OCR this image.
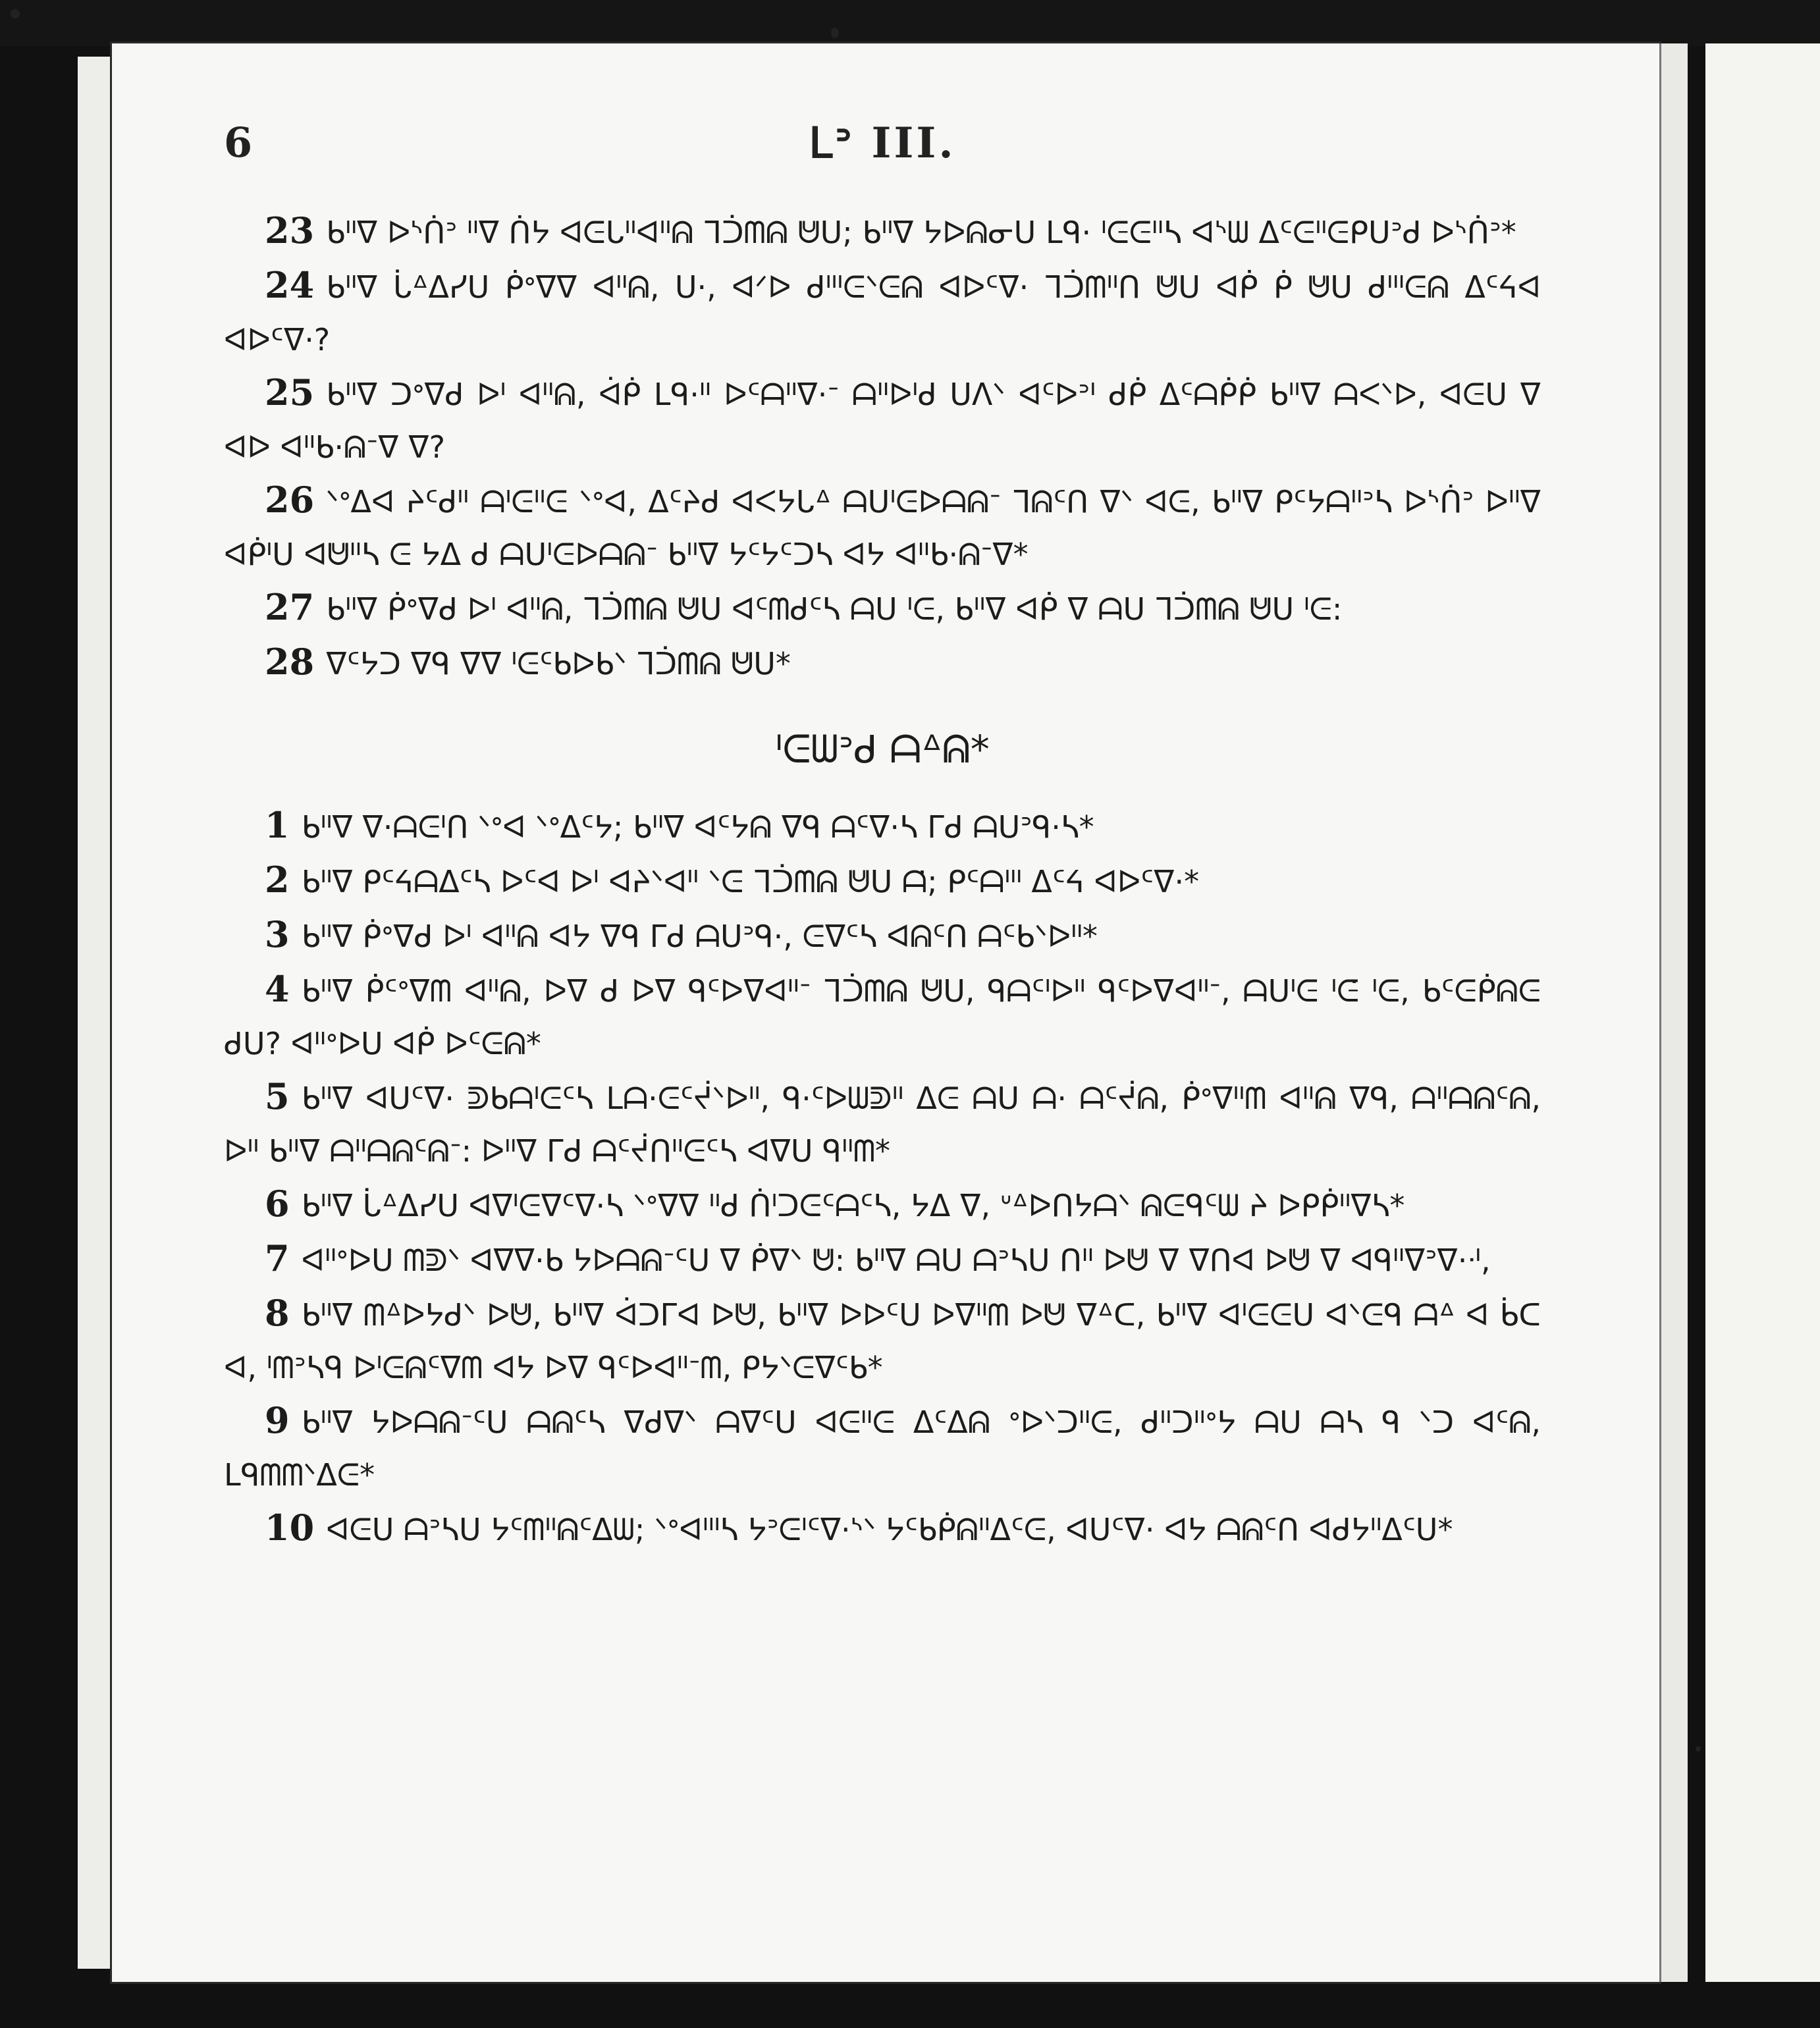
6	ᒪᐣ III.

23 ᑲᐦᐁ ᐅᔅᑏᐣ ᐦᐁ ᑏᔭ ᐊᕮᒐᐦᐊᐦᕱ ᒣᑑᗰᕱ ᕰᑌ; ᑲᐦᐁ ᔭᐅᕱᓂᑌ ᒪᑫ· ᑊᕮᕮᐦᓴ ᐊᔅᗯ ᐃᑦᕮᐦᕮᑭᑌᐣᑯ ᐅᔅᑏᐣ*

24 ᑲᐦᐁ ᒑᐞᐃᓯᑌ ᑮᐤᐁᐁ ᐊᐦᕱ, ᑌ·, ᐊᐟᐅ ᑯᐦᑊᕮᐠᕮᕱ ᐊᐅᑦᐁ· ᒣᑑᗰᐦᑎ ᕰᑌ ᐊᑮ ᑮ ᕰᑌ ᑯᐦᑊᕮᕱ ᐃᑦᔦᐊ ᐊᐅᑦᐁ·?

25 ᑲᐦᐁ ᑐᐤᐁᑯ ᐅᑊ ᐊᐦᕱ, ᐋᑮ ᒪᑫ·ᐦ ᐅᑦᗩᐦᐁ·ᐨ ᗩᐦᐅᑊᑯ ᑌᐱᐠ ᐊᑦᐅᐣᑊ ᑯᑮ ᐃᑦᗩᑮᑮ ᑲᐦᐁ ᗩᐸᐠᐅ, ᐊᕮᑌ ᐁ ᐊᐅ ᐊᐦᑲ·ᕱᐨᐁ ᐁ?

26 ᐠᐤᐃᐊ ᔨᑦᑯᐦ ᗩᑊᕮᐦᕮ ᐠᐤᐊ, ᐃᑦᔨᑯ ᐊᐸᔭᒐᐞ ᗩᑌᑊᕮᐅᗩᕱᐨ ᒣᕱᑦᑎ ᐁᐠ ᐊᕮ, ᑲᐦᐁ ᑭᑦᔭᗩᐦᐣᓴ ᐅᔅᑏᐣ ᐅᐦᐁ ᐊᑮᑊᑌ ᐊᕰᐦᓴ ᕮ ᔭᐃ ᑯ ᗩᑌᑊᕮᐅᗩᕱᐨ ᑲᐦᐁ ᔭᑦᔭᑦᑐᓴ ᐊᔭ ᐊᐦᑲ·ᕱᐨᐁ*

27 ᑲᐦᐁ ᑮᐤᐁᑯ ᐅᑊ ᐊᐦᕱ, ᒣᑑᗰᕱ ᕰᑌ ᐊᑦᗰᑯᑦᓴ ᗩᑌ ᑊᕮ, ᑲᐦᐁ ᐊᑮ ᐁ ᗩᑌ ᒣᑑᗰᕱ ᕰᑌ ᑊᕮ:

28 ᐁᑦᔭᑐ ᐁᑫ ᐁᐁ ᑊᕮᑦᑲᐅᑲᐠ ᒣᑑᗰᕱ ᕰᑌ*

ᑊᕮᗯᐣᑯ ᗩᐞᕱ*

1 ᑲᐦᐁ ᐁ·ᗩᕮᑊᑎ ᐠᐤᐊ ᐠᐤᐃᑦᔭ; ᑲᐦᐁ ᐊᑦᔭᕱ ᐁᑫ ᗩᑦᐁ·ᓴ ᒥᑯ ᗩᑌᐣᑫ·ᓴ*

2 ᑲᐦᐁ ᑭᑦᔦᗩᐃᑦᓴ ᐅᑦᐊ ᐅᑊ ᐊᔨᐠᐊᐦ ᐠᕮ ᒣᑑᗰᕱ ᕰᑌ ᗩ̇; ᑭᑦᗩᑊᐦ ᐃᑦᔦ ᐊᐅᑦᐁ·*

3 ᑲᐦᐁ ᑮᐤᐁᑯ ᐅᑊ ᐊᐦᕱ ᐊᔭ ᐁᑫ ᒥᑯ ᗩᑌᐣᑫ·, ᕮᐁᑦᓴ ᐊᕱᑦᑎ ᗩᑦᑲᐠᐅᐦ*

4 ᑲᐦᐁ ᑮᑦᐤᐁᗰ ᐊᐦᕱ, ᐅᐁ ᑯ ᐅᐁ ᑫᑦᐅᐁᐊᐦᐨ ᒣᑑᗰᕱ ᕰᑌ, ᑫᗩᑦᑊᐅᐦ ᑫᑦᐅᐁᐊᐦᐨ, ᗩᑌᑊᕮ ᑊᕮ̇ ᑊᕮ, ᑲᑦᕮᑮᕱᕮ ᑯᑌ? ᐊᐦᐤᐅᑌ ᐊᑮ ᐅᑦᕮᕱ*

5 ᑲᐦᐁ ᐊᑌᑦᐁ· ᕲᑲᗩᑊᕮᑦᓴ ᒪᗩ·ᕮᑦᔫᐠᐅᐦ, ᑫ·ᑦᐅᗯᕲᐦ ᐃᕮ ᗩᑌ ᗩ· ᗩᑦᔫᕱ, ᑮᐤᐁᐦᗰ ᐊᐦᕱ ᐁᑫ, ᗩᐦᗩᕱᑦᕱ, ᐅᐦ ᑲᐦᐁ ᗩᐦᗩᕱᑦᕱᐨ: ᐅᐦᐁ ᒥᑯ ᗩᑦᔫᑎᐦᕮᑦᓴ ᐊᐁᑌ ᑫᐦᗰ*

6 ᑲᐦᐁ ᒑᐞᐃᓯᑌ ᐊᐁᑊᕮᐁᑦᐁ·ᓴ ᐠᐤᐁᐁ ᐦᑯ ᑏᑊᑐᕮᑦᗩᑦᓴ, ᔭᐃ ᐁ, ᐡᐞᐅᑎᔭᗩᐠ ᕱᕮᑫᑦᗯ ᔨ ᐅᑭᑮᐦᐁᓴ*

7 ᐊᐦᐤᐅᑌ ᗰᕲᐠ ᐊᐁᐁ·ᑲ ᔭᐅᗩᕱᐨᑦᑌ ᐁ ᑮᐁᐠ ᕰ: ᑲᐦᐁ ᗩᑌ ᗩᐣᓴᑌ ᑎᑊᑊ ᐅᕰ ᐁ ᐁᑎᐊ ᐅᕰ ᐁ ᐊᑫᐦᐁᐣᐁ·ᐧᑊ,

8 ᑲᐦᐁ ᗰᐞᐅᔭᑯᐠ ᐅᕰ, ᑲᐦᐁ ᐋᑐᒥᐊ ᐅᕰ, ᑲᐦᐁ ᐅᐅᑦᑌ ᐅᐁᐦᗰ ᐅᕰ ᐁᐞᑕ, ᑲᐦᐁ ᐊᑊᕮᕮᑌ ᐊᐠᕮᑫ ᗩ̇ᐞ ᐊ ᑳᑕ ᐊ, ᑊᗰᐣᓴᑫ ᐅᑊᕮᕱᑦᐁᗰ ᐊᔭ ᐅᐁ ᑫᑦᐅᐊᐦᐨᗰ, ᑭᔭᐠᕮᐁᑦᑲ*

9 ᑲᐦᐁ ᔭᐅᗩᕱᐨᑦᑌ ᗩᕱᑦᓴ ᐁᑯᐁᐠ ᗩᐁᑦᑌ ᐊᕮᐦᕮ ᐃᑦᐃᕱ ᐤᐅᐠᑐᐦᕮ, ᑯᐦᑐᐦᐤᔭ ᗩᑌ ᗩᓴ ᑫ ᐠᑐ ᐊᑦᕱ, ᒪᑫᗰᗰᐠᐃᕮ*

10 ᐊᕮᑌ ᗩᐣᓴᑌ ᔭᑦᗰᐦᕱᑦᐃᗯ; ᐠᐤᐊᐦᑊᓴ ᔭᐣᕮᑊᑦᐁ·ᔅᐠ ᔭᑦᑲᑮᕱᐦᐃᑦᕮ, ᐊᑌᑦᐁ· ᐊᔭ ᗩᕱᑦᑎ ᐊᑯᔭᐦᐃᑦᑌ*
